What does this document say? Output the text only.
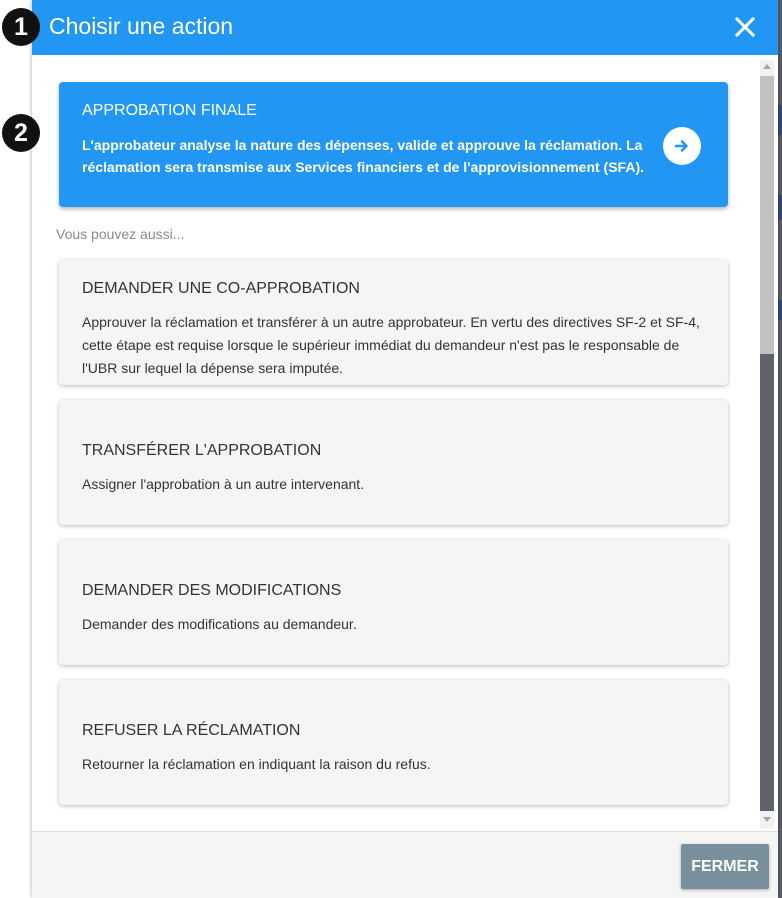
Choisir une action
APPROBATION FINALE

L'approbateur analyse la nature des dépenses, valide et approuve la réclamation. La réclamation sera transmise aux Services financiers et de l'approvisionnement (SFA).

Vous pouvez aussi...
DEMANDER UNE CO-APPROBATION

Approuver la réclamation et transférer à un autre approbateur. En vertu des directives SF-2 et SF-4, cette étape est requise lorsque le supérieur immédiat du demandeur n'est pas le responsable de l'UBR sur lequel la dépense sera imputée.

TRANSFÉRER L'APPROBATION

Assigner l'approbation à un autre intervenant.

DEMANDER DES MODIFICATIONS

Demander des modifications au demandeur.

REFUSER LA RÉCLAMATION

Retourner la réclamation en indiquant la raison du refus.

FERMER
1
2
